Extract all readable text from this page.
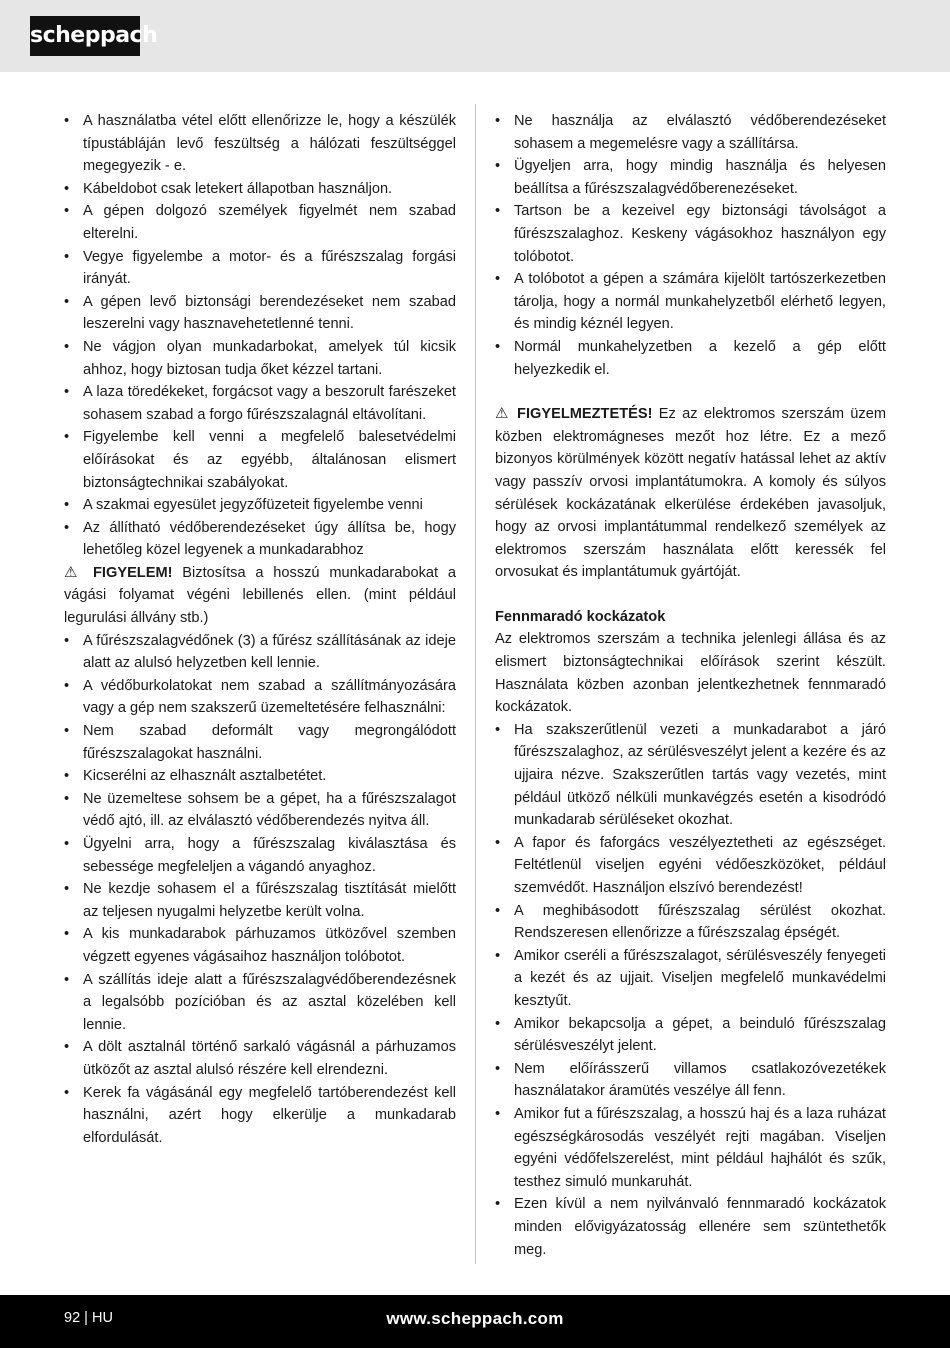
scheppach
• A használatba vétel előtt ellenőrizze le, hogy a készülék típustábláján levő feszültség a hálózati feszültséggel megegyezik - e.
• Kábeldobot csak letekert állapotban használjon.
• A gépen dolgozó személyek figyelmét nem szabad elterelni.
• Vegye figyelembe a motor- és a fűrészszalag forgási irányát.
• A gépen levő biztonsági berendezéseket nem szabad leszerelni vagy hasznavehetetlenné tenni.
• Ne vágjon olyan munkadarbokat, amelyek túl kicsik ahhoz, hogy biztosan tudja őket kézzel tartani.
• A laza töredékeket, forgácsot vagy a beszorult farészeket sohasem szabad a forgo fűrészszalagnál eltávolítani.
• Figyelembe kell venni a megfelelő balesetvédelmi előírásokat és az egyébb, általánosan elismert biztonságtechnikai szabályokat.
• A szakmai egyesület jegyzőfüzeteit figyelembe venni
• Az állítható védőberendezéseket úgy állítsa be, hogy lehetőleg közel legyenek a munkadarabhoz

⚠ FIGYELEM! Biztosítsa a hosszú munkadarabokat a vágási folyamat végéni lebillenés ellen. (mint például legurulási állvány stb.)

• A fűrészszalagvédőnek (3) a fűrész szállításának az ideje alatt az alulsó helyzetben kell lennie.
• A védőburkolatokat nem szabad a szállítmányozására vagy a gép nem szakszerű üzemeltetésére felhasználni:
• Nem szabad deformált vagy megrongálódott fűrészszalagokat használni.
• Kicserélni az elhasznált asztalbetétet.
• Ne üzemeltese sohsem be a gépet, ha a fűrészszalagot védő ajtó, ill. az elválasztó védőberendezés nyitva áll.
• Ügyelni arra, hogy a fűrészszalag kiválasztása és sebessége megfeleljen a vágandó anyaghoz.
• Ne kezdje sohasem el a fűrészszalag tisztítását mielőtt az teljesen nyugalmi helyzetbe került volna.
• A kis munkadarabok párhuzamos ütközővel szemben végzett egyenes vágásaihoz használjon tolóbotot.
• A szállítás ideje alatt a fűrészszalagvédőberendezésnek a legalsóbb pozícióban és az asztal közelében kell lennie.
• A dölt asztalnál történő sarkaló vágásnál a párhuzamos ütközőt az asztal alulsó részére kell elrendezni.
• Kerek fa vágásánál egy megfelelő tartóberendezést kell használni, azért hogy elkerülje a munkadarab elfordulását.
• Ne használja az elválasztó védőberendezéseket sohasem a megemelésre vagy a szállítársa.
• Ügyeljen arra, hogy mindig használja és helyesen beállítsa a fűrészszalagvédőberenezéseket.
• Tartson be a kezeivel egy biztonsági távolságot a fűrészszalaghoz. Keskeny vágásokhoz használyon egy tolóbotot.
• A tolóbotot a gépen a számára kijelölt tartószerkezetben tárolja, hogy a normál munkahelyzetből elérhető legyen, és mindig kéznél legyen.
• Normál munkahelyzetben a kezelő a gép előtt helyezkedik el.

⚠ FIGYELMEZTETÉS! Ez az elektromos szerszám üzem közben elektromágneses mezőt hoz létre. Ez a mező bizonyos körülmények között negatív hatással lehet az aktív vagy passzív orvosi implantátumokra. A komoly és súlyos sérülések kockázatának elkerülése érdekében javasoljuk, hogy az orvosi implantátummal rendelkező személyek az elektromos szerszám használata előtt keressék fel orvosukat és implantátumuk gyártóját.

Fennmaradó kockázatok

Az elektromos szerszám a technika jelenlegi állása és az elismert biztonságtechnikai előírások szerint készült. Használata közben azonban jelentkezhetnek fennmaradó kockázatok.

• Ha szakszerűtlenül vezeti a munkadarabot a járó fűrészszalaghoz, az sérülésveszélyt jelent a kezére és az ujjaira nézve. Szakszerűtlen tartás vagy vezetés, mint például ütköző nélküli munkavégzés esetén a kisodródó munkadarab sérüléseket okozhat.
• A fapor és faforgács veszélyeztetheti az egészséget. Feltétlenül viseljen egyéni védőeszközöket, például szemvédőt. Használjon elszívó berendezést!
• A meghibásodott fűrészszalag sérülést okozhat. Rendszeresen ellenőrizze a fűrészszalag épségét.
• Amikor cseréli a fűrészszalagot, sérülésveszély fenyegeti a kezét és az ujjait. Viseljen megfelelő munkavédelmi kesztyűt.
• Amikor bekapcsolja a gépet, a beinduló fűrészszalag sérülésveszélyt jelent.
• Nem előírásszerű villamos csatlakozóvezetékek használatakor áramütés veszélye áll fenn.
• Amikor fut a fűrészszalag, a hosszú haj és a laza ruházat egészségkárosodás veszélyét rejti magában. Viseljen egyéni védőfelszerelést, mint például hajhálót és szűk, testhez simuló munkaruhát.
• Ezen kívül a nem nyilvánvaló fennmaradó kockázatok minden elővigyázatosság ellenére sem szüntethetők meg.
92 | HU	www.scheppach.com
